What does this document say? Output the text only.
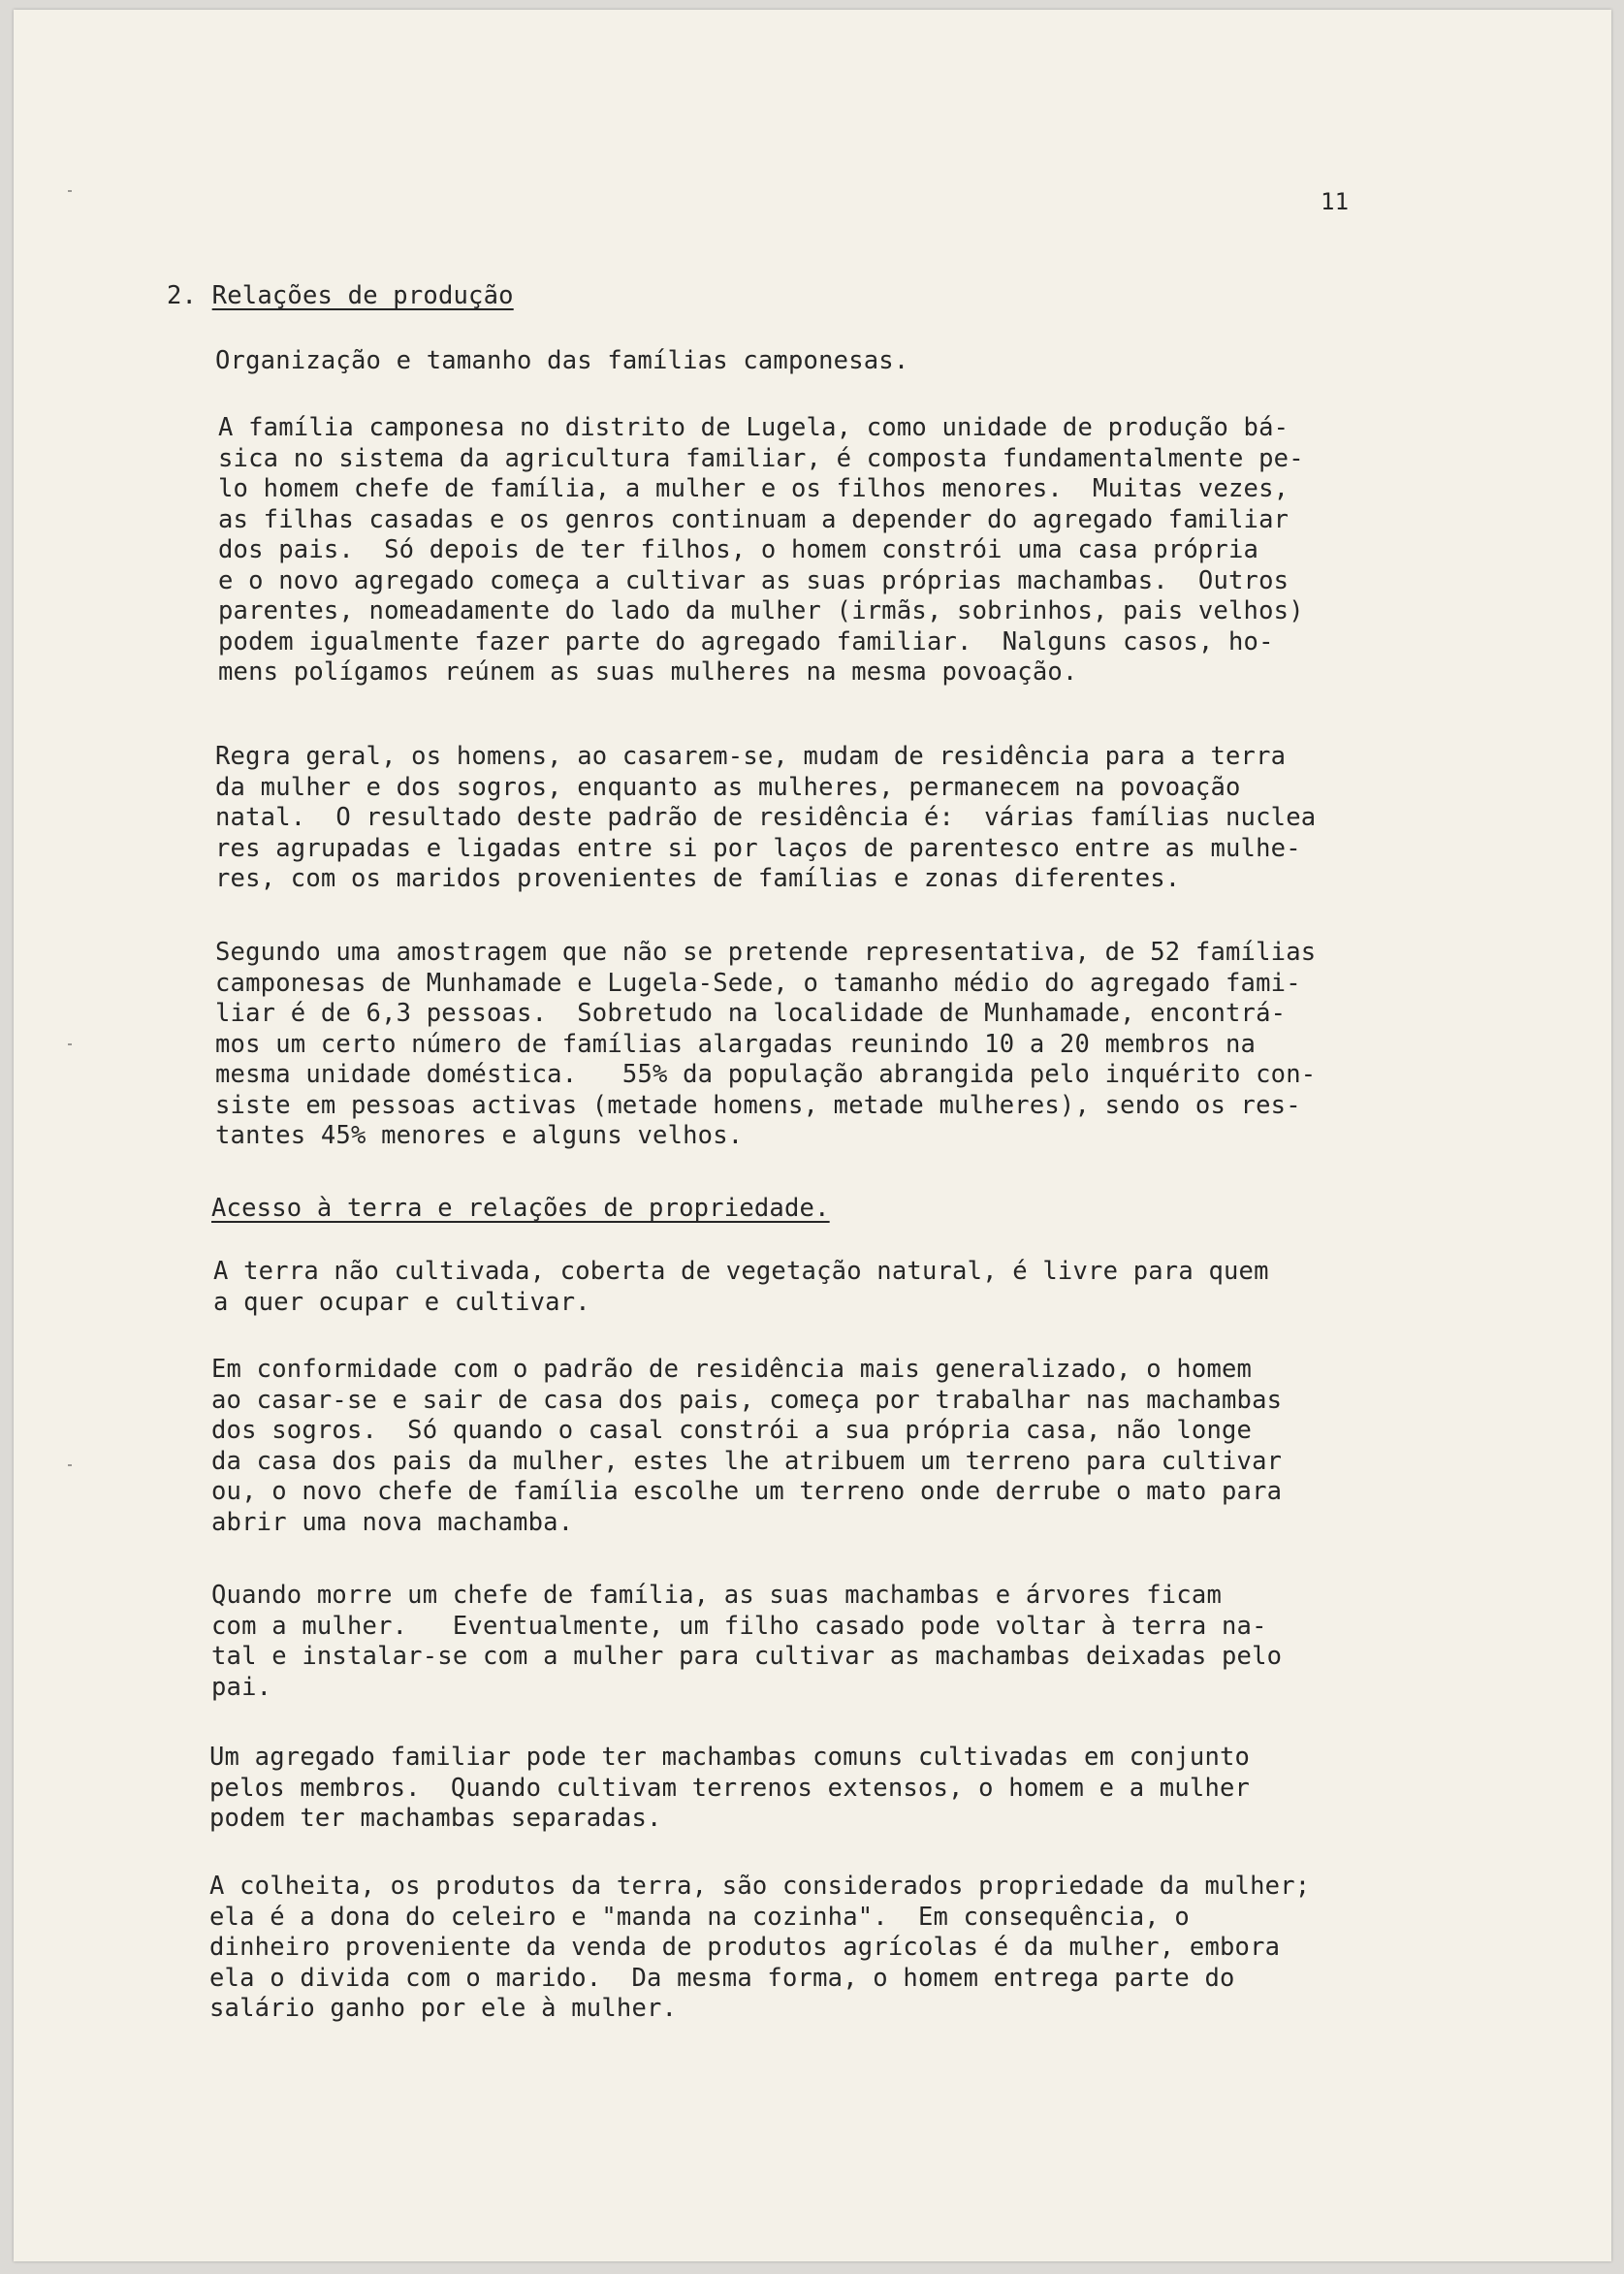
11
2. Relações de produção
Organização e tamanho das famílias camponesas.
A família camponesa no distrito de Lugela, como unidade de produção bá-
sica no sistema da agricultura familiar, é composta fundamentalmente pe-
lo homem chefe de família, a mulher e os filhos menores.  Muitas vezes,
as filhas casadas e os genros continuam a depender do agregado familiar
dos pais.  Só depois de ter filhos, o homem constrói uma casa própria
e o novo agregado começa a cultivar as suas próprias machambas.  Outros
parentes, nomeadamente do lado da mulher (irmãs, sobrinhos, pais velhos)
podem igualmente fazer parte do agregado familiar.  Nalguns casos, ho-
mens polígamos reúnem as suas mulheres na mesma povoação.
Regra geral, os homens, ao casarem-se, mudam de residência para a terra
da mulher e dos sogros, enquanto as mulheres, permanecem na povoação
natal.  O resultado deste padrão de residência é:  várias famílias nuclea
res agrupadas e ligadas entre si por laços de parentesco entre as mulhe-
res, com os maridos provenientes de famílias e zonas diferentes.
Segundo uma amostragem que não se pretende representativa, de 52 famílias
camponesas de Munhamade e Lugela-Sede, o tamanho médio do agregado fami-
liar é de 6,3 pessoas.  Sobretudo na localidade de Munhamade, encontrá-
mos um certo número de famílias alargadas reunindo 10 a 20 membros na
mesma unidade doméstica.   55% da população abrangida pelo inquérito con-
siste em pessoas activas (metade homens, metade mulheres), sendo os res-
tantes 45% menores e alguns velhos.
Acesso à terra e relações de propriedade.
A terra não cultivada, coberta de vegetação natural, é livre para quem
a quer ocupar e cultivar.
Em conformidade com o padrão de residência mais generalizado, o homem
ao casar-se e sair de casa dos pais, começa por trabalhar nas machambas
dos sogros.  Só quando o casal constrói a sua própria casa, não longe
da casa dos pais da mulher, estes lhe atribuem um terreno para cultivar
ou, o novo chefe de família escolhe um terreno onde derrube o mato para
abrir uma nova machamba.
Quando morre um chefe de família, as suas machambas e árvores ficam
com a mulher.   Eventualmente, um filho casado pode voltar à terra na-
tal e instalar-se com a mulher para cultivar as machambas deixadas pelo
pai.
Um agregado familiar pode ter machambas comuns cultivadas em conjunto
pelos membros.  Quando cultivam terrenos extensos, o homem e a mulher
podem ter machambas separadas.
A colheita, os produtos da terra, são considerados propriedade da mulher;
ela é a dona do celeiro e "manda na cozinha".  Em consequência, o
dinheiro proveniente da venda de produtos agrícolas é da mulher, embora
ela o divida com o marido.  Da mesma forma, o homem entrega parte do
salário ganho por ele à mulher.
